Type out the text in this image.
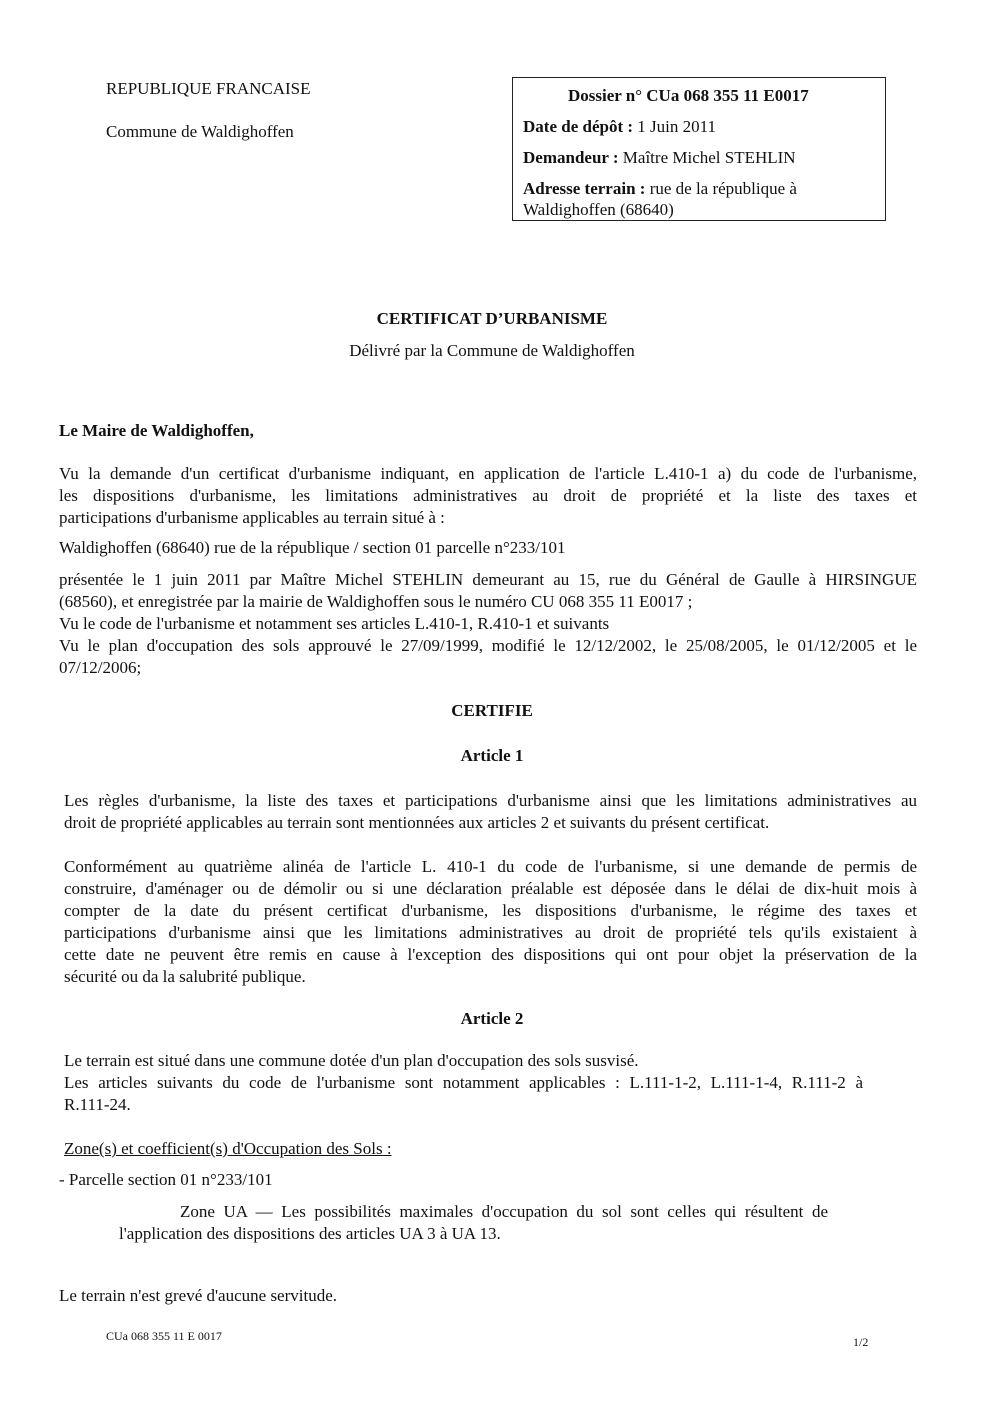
REPUBLIQUE FRANCAISE

Commune de Waldighoffen

Dossier n° CUa 068 355 11 E0017

Date de dépôt : 1 Juin 2011

Demandeur : Maître Michel STEHLIN

Adresse terrain : rue de la république à

Waldighoffen (68640)

CERTIFICAT D’URBANISME

Délivré par la Commune de Waldighoffen

Le Maire de Waldighoffen,

Vu la demande d'un certificat d'urbanisme indiquant, en application de l'article L.410-1 a) du code de l'urbanisme,

les dispositions d'urbanisme, les limitations administratives au droit de propriété et la liste des taxes et

participations d'urbanisme applicables au terrain situé à :

Waldighoffen (68640) rue de la république / section 01 parcelle n°233/101

présentée le 1 juin 2011 par Maître Michel STEHLIN demeurant au 15, rue du Général de Gaulle à HIRSINGUE

(68560), et enregistrée par la mairie de Waldighoffen sous le numéro CU 068 355 11 E0017 ;

Vu le code de l'urbanisme et notamment ses articles L.410-1, R.410-1 et suivants

Vu le plan d'occupation des sols approuvé le 27/09/1999, modifié le 12/12/2002, le 25/08/2005, le 01/12/2005 et le

07/12/2006;

CERTIFIE

Article 1

Les règles d'urbanisme, la liste des taxes et participations d'urbanisme ainsi que les limitations administratives au

droit de propriété applicables au terrain sont mentionnées aux articles 2 et suivants du présent certificat.

Conformément au quatrième alinéa de l'article L. 410-1 du code de l'urbanisme, si une demande de permis de

construire, d'aménager ou de démolir ou si une déclaration préalable est déposée dans le délai de dix-huit mois à

compter de la date du présent certificat d'urbanisme, les dispositions d'urbanisme, le régime des taxes et

participations d'urbanisme ainsi que les limitations administratives au droit de propriété tels qu'ils existaient à

cette date ne peuvent être remis en cause à l'exception des dispositions qui ont pour objet la préservation de la

sécurité ou da la salubrité publique.

Article 2

Le terrain est situé dans une commune dotée d'un plan d'occupation des sols susvisé.

Les articles suivants du code de l'urbanisme sont notamment applicables : L.111-1-2, L.111-1-4, R.111-2 à

R.111-24.

Zone(s) et coefficient(s) d'Occupation des Sols :

- Parcelle section 01 n°233/101

Zone UA — Les possibilités maximales d'occupation du sol sont celles qui résultent de

l'application des dispositions des articles UA 3 à UA 13.

Le terrain n'est grevé d'aucune servitude.

CUa 068 355 11 E 0017	1/2
